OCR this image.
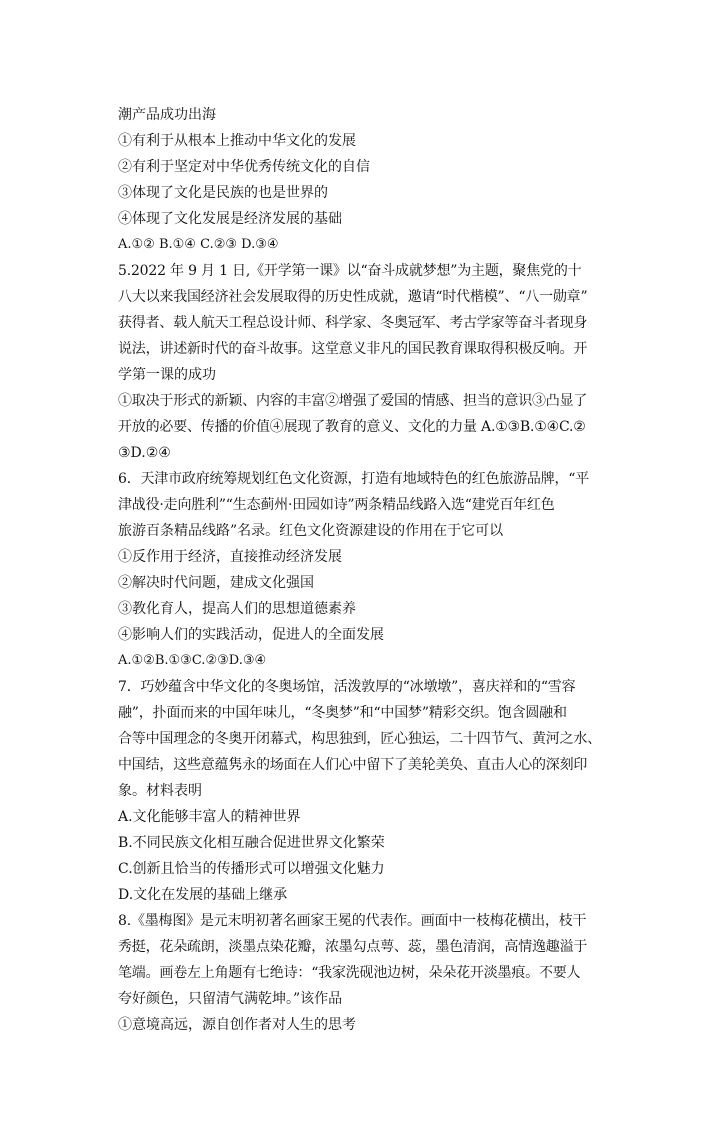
潮产品成功出海
①有利于从根本上推动中华文化的发展
②有利于坚定对中华优秀传统文化的自信
③体现了文化是民族的也是世界的
④体现了文化发展是经济发展的基础
A.①② B.①④ C.②③ D.③④
5.2022 年 9 月 1 日,《开学第一课》以“奋斗成就梦想”为主题，聚焦党的十
八大以来我国经济社会发展取得的历史性成就，邀请“时代楷模”、“八一勋章”
获得者、载人航天工程总设计师、科学家、冬奥冠军、考古学家等奋斗者现身
说法，讲述新时代的奋斗故事。这堂意义非凡的国民教育课取得积极反响。开
学第一课的成功
①取决于形式的新颖、内容的丰富②增强了爱国的情感、担当的意识③凸显了
开放的必要、传播的价值④展现了教育的意义、文化的力量 A.①③B.①④C.②
③D.②④
6．天津市政府统筹规划红色文化资源，打造有地域特色的红色旅游品牌，“平
津战役·走向胜利”“生态蓟州·田园如诗”两条精品线路入选“建党百年红色
旅游百条精品线路”名录。红色文化资源建设的作用在于它可以
①反作用于经济，直接推动经济发展
②解决时代问题，建成文化强国
③教化育人，提高人们的思想道德素养
④影响人们的实践活动，促进人的全面发展
A.①②B.①③C.②③D.③④
7．巧妙蕴含中华文化的冬奥场馆，活泼敦厚的“冰墩墩”，喜庆祥和的“雪容
融”，扑面而来的中国年味儿，“冬奥梦”和“中国梦”精彩交织。饱含圆融和
合等中国理念的冬奥开闭幕式，构思独到，匠心独运，二十四节气、黄河之水、
中国结，这些意蕴隽永的场面在人们心中留下了美轮美奂、直击人心的深刻印
象。材料表明
A.文化能够丰富人的精神世界
B.不同民族文化相互融合促进世界文化繁荣
C.创新且恰当的传播形式可以增强文化魅力
D.文化在发展的基础上继承
8.《墨梅图》是元末明初著名画家王冕的代表作。画面中一枝梅花横出，枝干
秀挺，花朵疏朗，淡墨点染花瓣，浓墨勾点萼、蕊，墨色清润，高情逸趣溢于
笔端。画卷左上角题有七绝诗：“我家洗砚池边树，朵朵花开淡墨痕。不要人
夸好颜色，只留清气满乾坤。”该作品
①意境高远，源自创作者对人生的思考
